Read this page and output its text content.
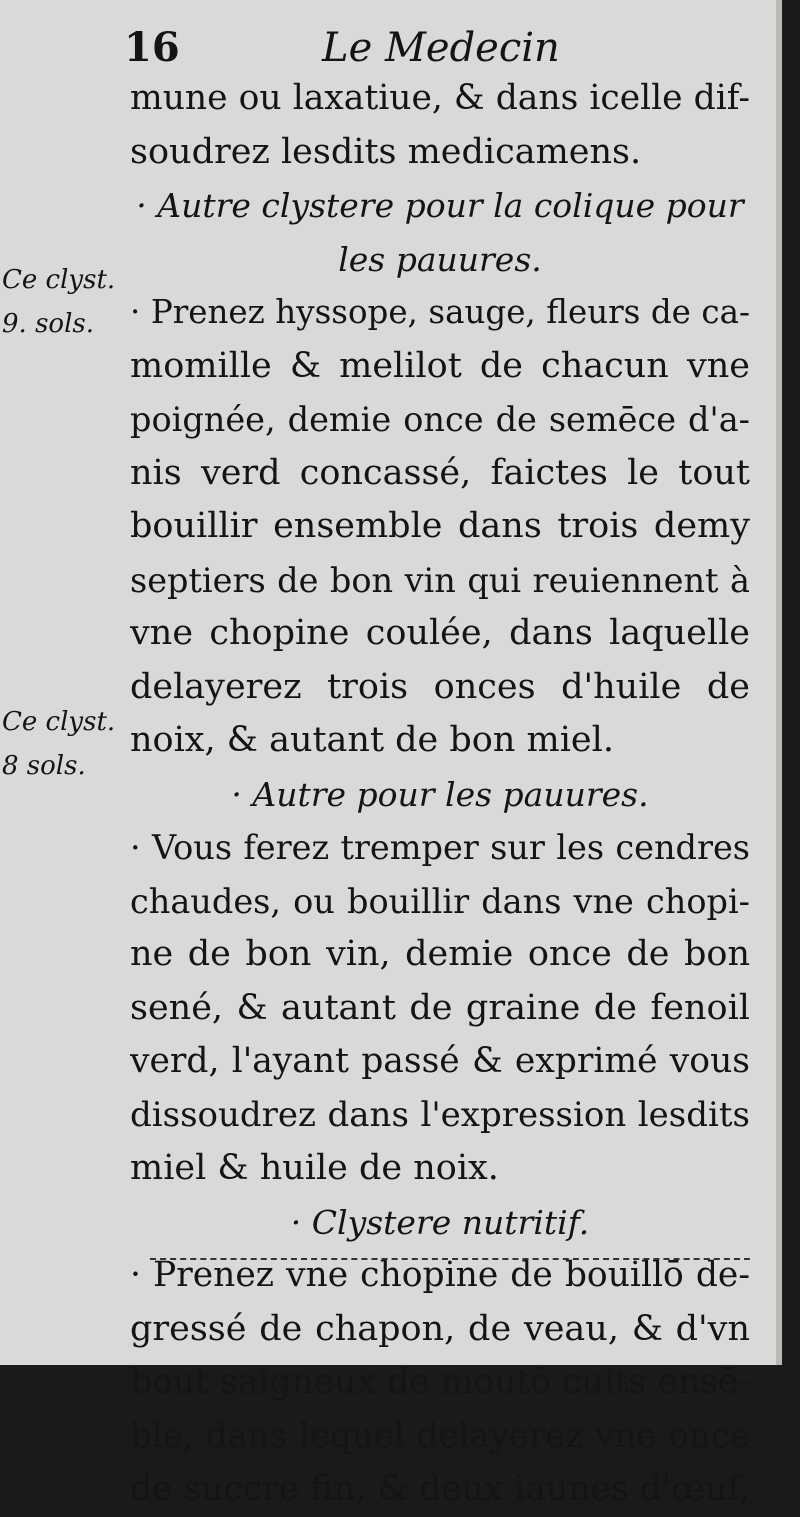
16	Le Medecin
mune ou laxatiue, & dans icelle dif-
soudrez lesdits medicamens.
· Autre clystere pour la colique pour
les pauures.
· Prenez hyssope, sauge, fleurs de ca-
momille & melilot de chacun vne
poignée, demie once de semēce d'a-
nis verd concassé, faictes le tout
bouillir ensemble dans trois demy
septiers de bon vin qui reuiennent à
vne chopine coulée, dans laquelle
delayerez trois onces d'huile de
noix, & autant de bon miel.
· Autre pour les pauures.
· Vous ferez tremper sur les cendres
chaudes, ou bouillir dans vne chopi-
ne de bon vin, demie once de bon
sené, & autant de graine de fenoil
verd, l'ayant passé & exprimé vous
dissoudrez dans l'expression lesdits
miel & huile de noix.
· Clystere nutritif.
· Prenez vne chopine de bouillō de-
gressé de chapon, de veau, & d'vn
bout saigneux de moutō cuits ensē-
ble, dans lequel delayerez vne once
de succre fin, & deux iaunes d'œuf,
Ce clyst.
9. sols.
Ce clyst.
8 sols.
